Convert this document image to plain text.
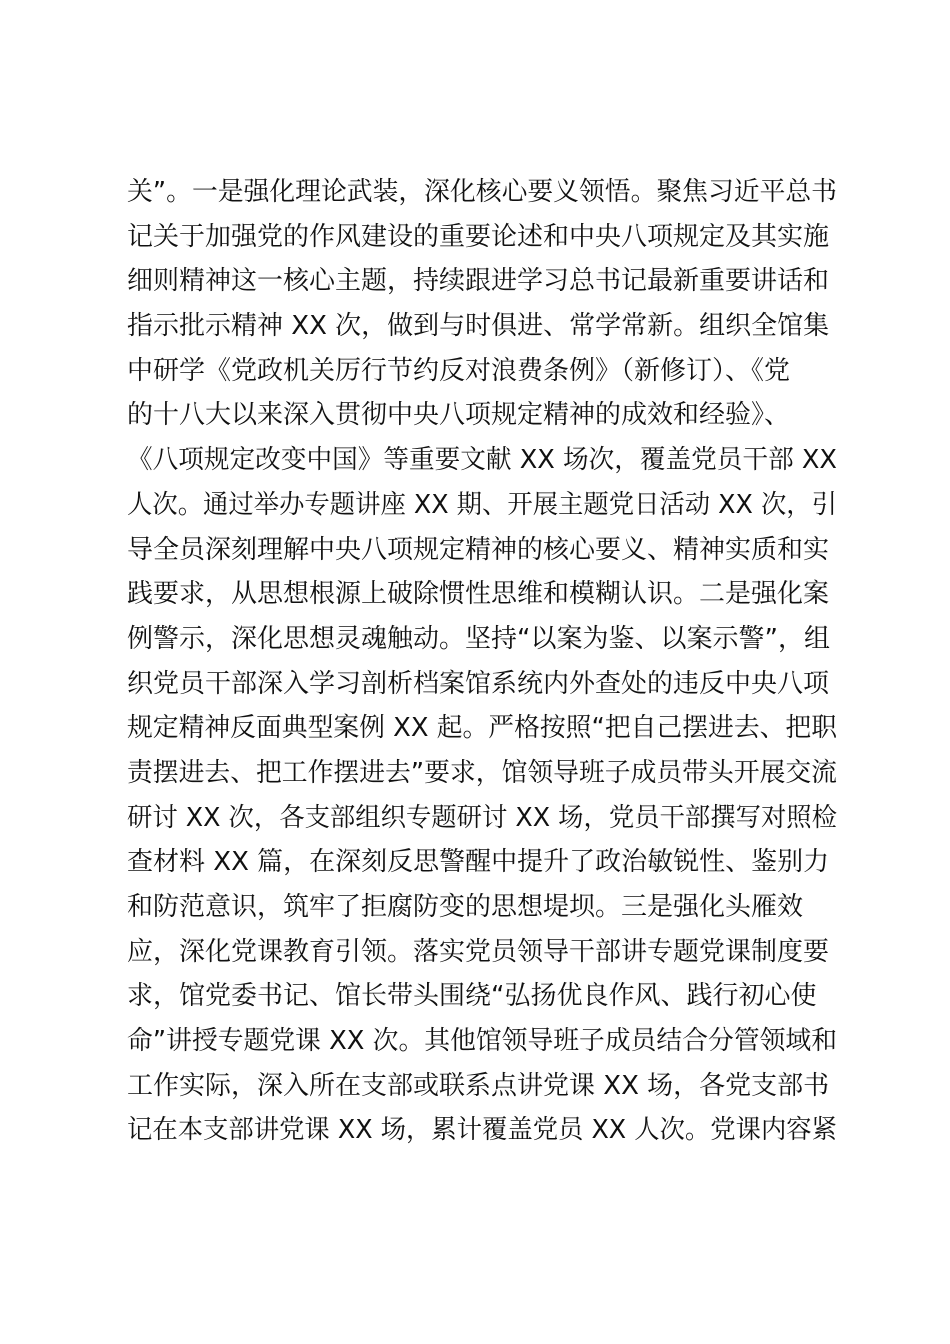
关”。一是强化理论武装，深化核心要义领悟。聚焦习近平总书
记关于加强党的作风建设的重要论述和中央八项规定及其实施
细则精神这一核心主题，持续跟进学习总书记最新重要讲话和
指示批示精神 XX 次，做到与时俱进、常学常新。组织全馆集
中研学《党政机关厉行节约反对浪费条例》（新修订）、《党
的十八大以来深入贯彻中央八项规定精神的成效和经验》、
《八项规定改变中国》等重要文献 XX 场次，覆盖党员干部 XX
人次。通过举办专题讲座 XX 期、开展主题党日活动 XX 次，引
导全员深刻理解中央八项规定精神的核心要义、精神实质和实
践要求，从思想根源上破除惯性思维和模糊认识。二是强化案
例警示，深化思想灵魂触动。坚持“以案为鉴、以案示警”，组
织党员干部深入学习剖析档案馆系统内外查处的违反中央八项
规定精神反面典型案例 XX 起。严格按照“把自己摆进去、把职
责摆进去、把工作摆进去”要求，馆领导班子成员带头开展交流
研讨 XX 次，各支部组织专题研讨 XX 场，党员干部撰写对照检
查材料 XX 篇，在深刻反思警醒中提升了政治敏锐性、鉴别力
和防范意识，筑牢了拒腐防变的思想堤坝。三是强化头雁效
应，深化党课教育引领。落实党员领导干部讲专题党课制度要
求，馆党委书记、馆长带头围绕“弘扬优良作风、践行初心使
命”讲授专题党课 XX 次。其他馆领导班子成员结合分管领域和
工作实际，深入所在支部或联系点讲党课 XX 场，各党支部书
记在本支部讲党课 XX 场，累计覆盖党员 XX 人次。党课内容紧
